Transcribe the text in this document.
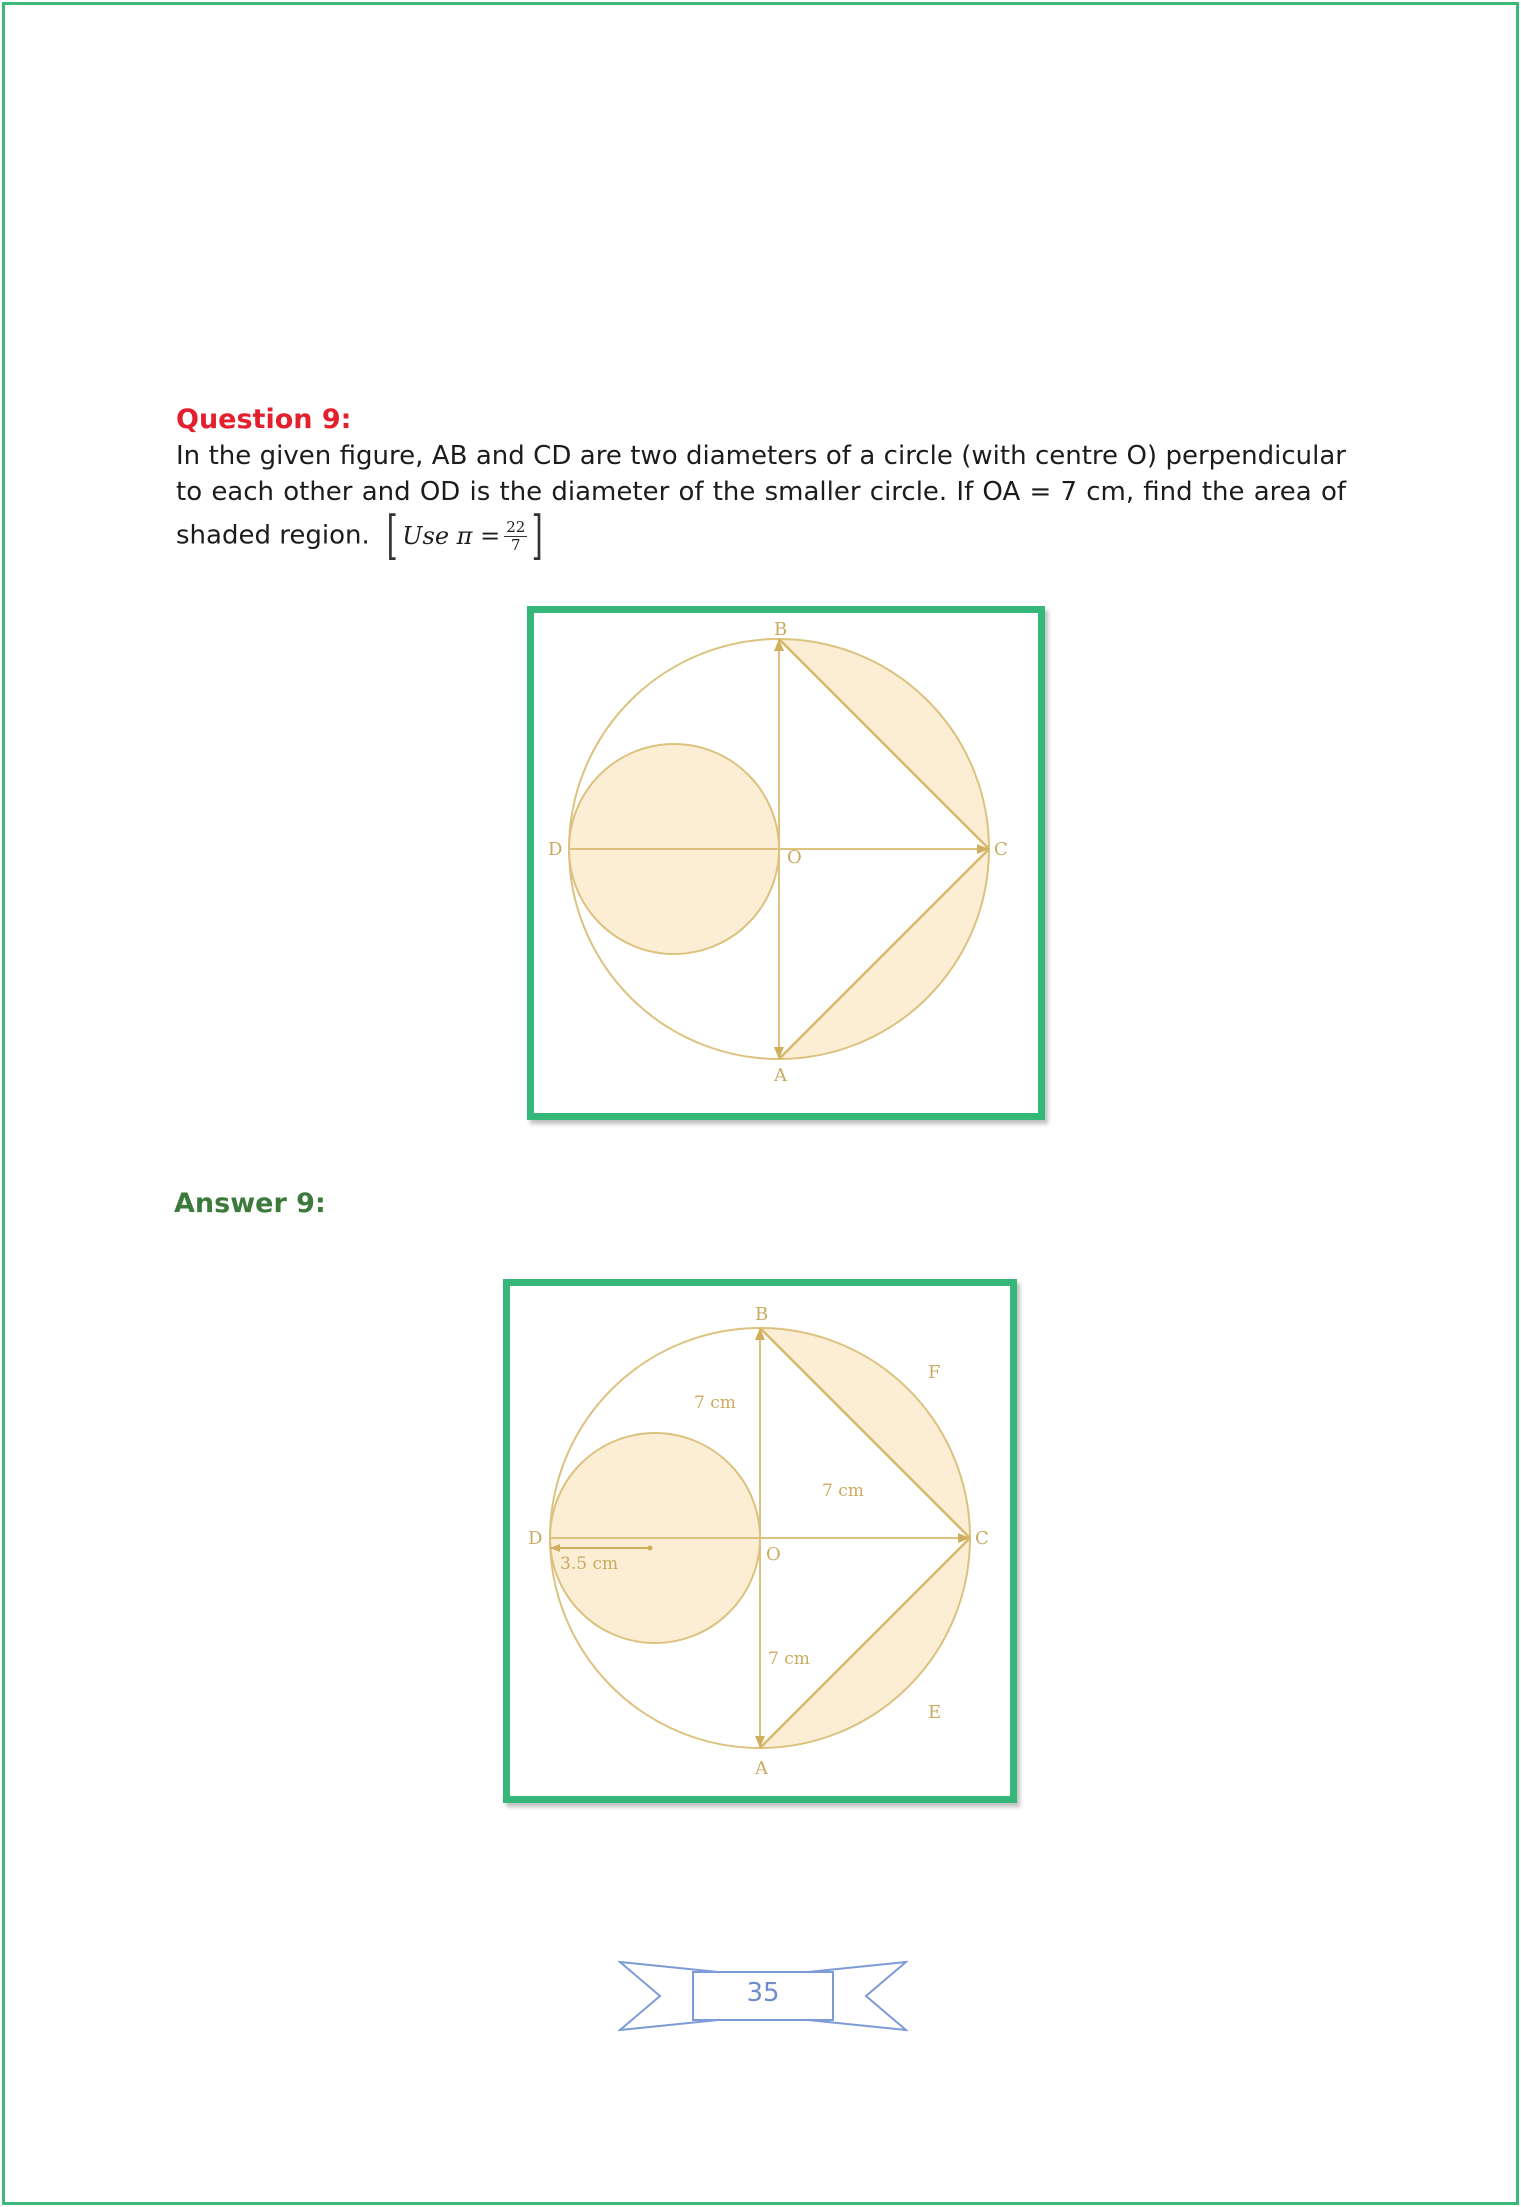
Question 9:

In the given figure, AB and CD are two diameters of a circle (with centre O) perpendicular to each other and OD is the diameter of the smaller circle. If OA = 7 cm, find the area of shaded region. [ Use
$\pi = \frac{22}{7}$ ]

B
C
D	O
A

Answer 9:

B
C
D
O
A
F
E
7 cm
7 cm
7 cm
3.5 cm
35
